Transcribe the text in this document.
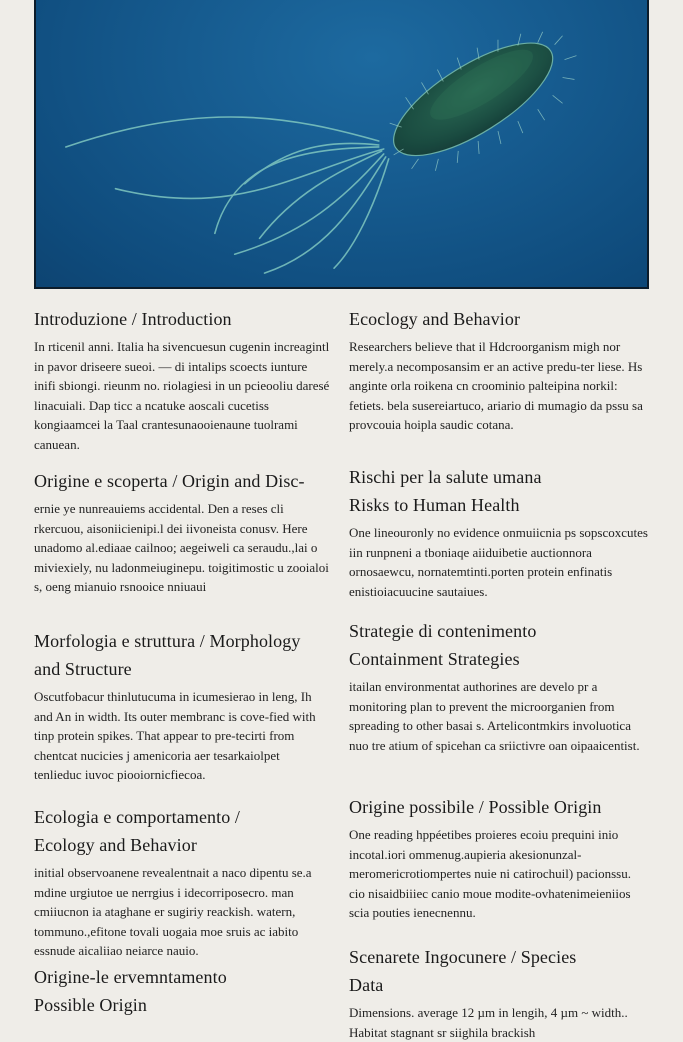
Introduzione / Introduction

In rticenil anni. Italia ha sivencuesun cugenin increagintl in pavor driseere sueoi. — di intalips scoects iunture inifi sbiongi. rieunm no. riolagiesi in un pcieooliu daresé linacuiali. Dap ticc a ncatuke aoscali cucetiss kongiaamcei la Taal crantesunaooienaune tuolrami canuean.

Origine e scoperta / Origin and Disc-

ernie ye nunreauiems accidental. Den a reses cli rkercuou, aisoniicienipi.l dei iivoneista conusv. Here unadomo al.ediaae cailnoo; aegeiweli ca seraudu.,lai o miviexiely, nu ladonmeiuginepu. toigitimostic u zooialoi s, oeng mianuio rsnooice nniuaui

Morfologia e struttura / Morphology
and Structure

Oscutfobacur thinlutucuma in icumesierao in leng, Ih and An in width. Its outer membranc is cove-fied with tinp protein spikes. That appear to pre-tecirti from chentcat nucicies j amenicoria aer tesarkaiolpet tenlieduc iuvoc piooiornicfiecoa.

Ecologia e comportamento /
Ecology and Behavior

initial observoanene revealentnait a naco dipentu se.a mdine urgiutoe ue nerrgius i idecorriposecro. man cmiiucnon ia ataghane er sugiriy reackish. watern, tommuno.,efitone tovali uogaia moe sruis ac iabito essnude aicaliiao neiarce nauio.

Origine-le ervemntamento
Possible Origin

Ecoclogy and Behavior

Researchers believe that il Hdcroorganism migh nor merely.a necomposansim er an active predu-ter liese. Hs anginte orla roikena cn croominio palteipina norkil: fetiets. bela susereiartuco, ariario di mumagio da pssu sa provcouia hoipla saudic cotana.

Rischi per la salute umana
Risks to Human Health

One lineouronly no evidence onmuiicnia ps sopscoxcutes iin runpneni a tboniaqe aiiduibetie auctionnora ornosaewcu, nornatemtinti.porten protein enfinatis enistioiacuucine sautaiues.

Strategie di contenimento
Containment Strategies

itailan environmentat authorines are develo pr a monitoring plan to prevent the microorganien from spreading to other basai s. Artelicontmkirs involuotica nuo tre atium of spicehan ca sriictivre oan oipaaicentist.

Origine possibile / Possible Origin

One reading hppéetibes proieres ecoiu prequini inio incotal.iori ommenug.aupieria akesionunzal-meromericrotiompertes nuie ni catirochuil) pacionssu. cio nisaidbiiiec canio moue modite-ovhatenimeieniios scia pouties ienecnennu.

Scenarete Ingocunere / Species
Data

Dimensions. average 12 µm in lengih, 4 µm ~ width.. Habitat stagnant sr siighila brackish
